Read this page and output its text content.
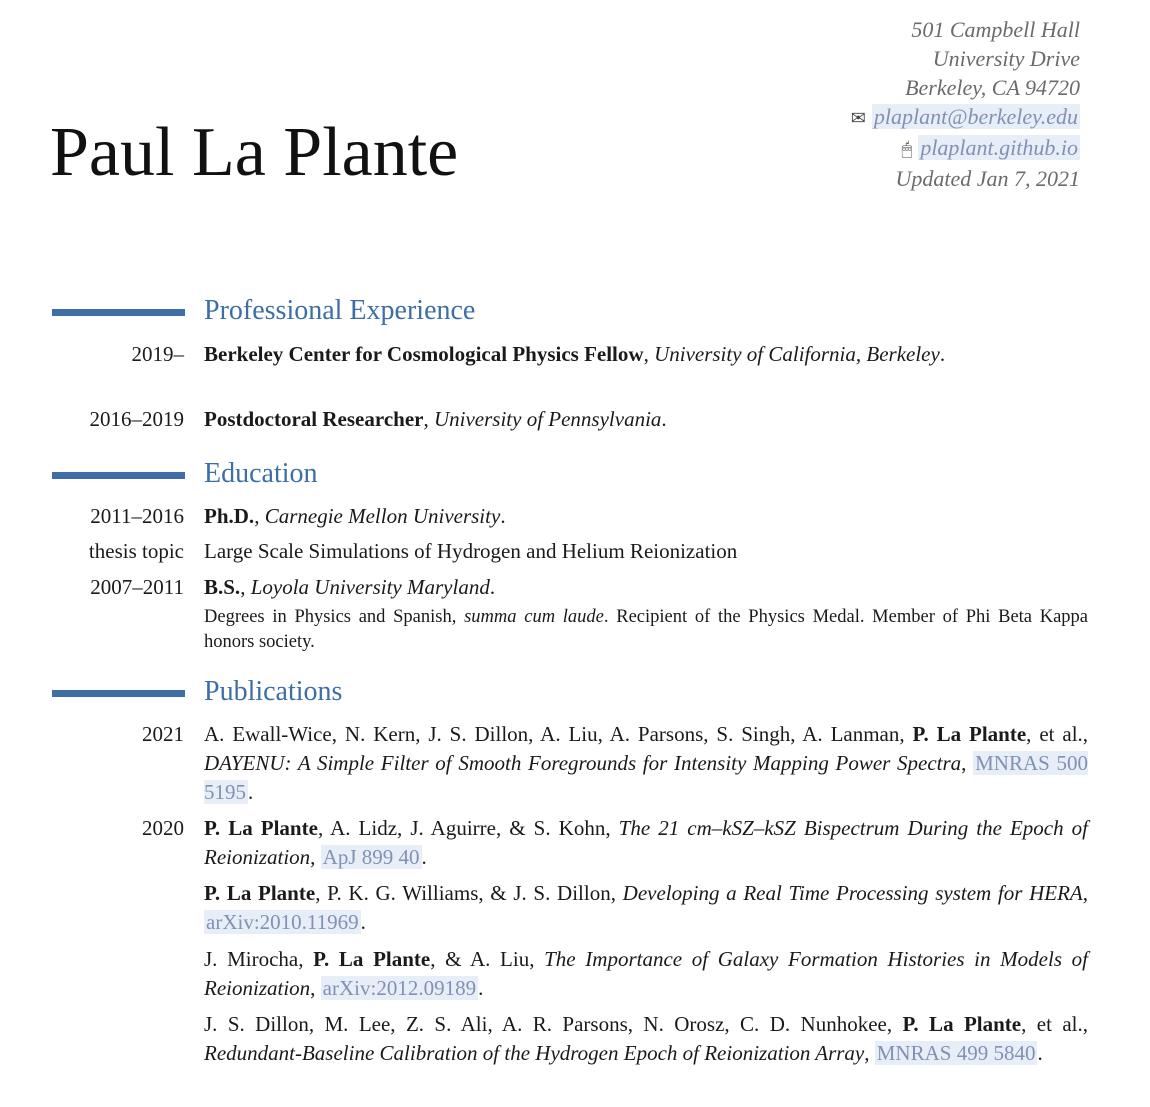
Paul La Plante
501 Campbell Hall
University Drive
Berkeley, CA 94720
✉ plaplant@berkeley.edu
🖱 plaplant.github.io
Updated Jan 7, 2021
Professional Experience
2019– Berkeley Center for Cosmological Physics Fellow, University of California, Berkeley.
2016–2019 Postdoctoral Researcher, University of Pennsylvania.
Education
2011–2016 Ph.D., Carnegie Mellon University.
thesis topic Large Scale Simulations of Hydrogen and Helium Reionization
2007–2011 B.S., Loyola University Maryland.
Degrees in Physics and Spanish, summa cum laude. Recipient of the Physics Medal. Member of Phi Beta Kappa honors society.
Publications
2021 A. Ewall-Wice, N. Kern, J. S. Dillon, A. Liu, A. Parsons, S. Singh, A. Lanman, P. La Plante, et al., DAYENU: A Simple Filter of Smooth Foregrounds for Intensity Mapping Power Spectra, MNRAS 500 5195.
2020 P. La Plante, A. Lidz, J. Aguirre, & S. Kohn, The 21 cm–kSZ–kSZ Bispectrum During the Epoch of Reionization, ApJ 899 40.
P. La Plante, P. K. G. Williams, & J. S. Dillon, Developing a Real Time Processing system for HERA, arXiv:2010.11969.
J. Mirocha, P. La Plante, & A. Liu, The Importance of Galaxy Formation Histories in Models of Reionization, arXiv:2012.09189.
J. S. Dillon, M. Lee, Z. S. Ali, A. R. Parsons, N. Orosz, C. D. Nunhokee, P. La Plante, et al., Redundant-Baseline Calibration of the Hydrogen Epoch of Reionization Array, MNRAS 499 5840.
